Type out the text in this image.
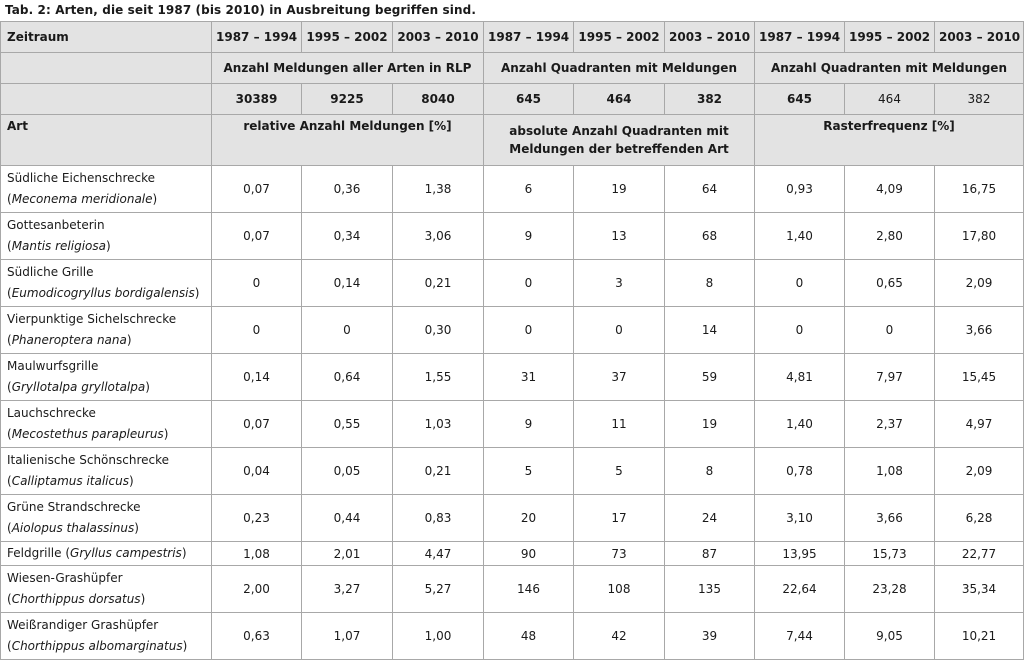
Tab. 2: Arten, die seit 1987 (bis 2010) in Ausbreitung begriffen sind.
Zeitraum	1987 – 1994	1995 – 2002	2003 – 2010	1987 – 1994	1995 – 2002	2003 – 2010	1987 – 1994	1995 – 2002	2003 – 2010
	Anzahl Meldungen aller Arten in RLP			Anzahl Quadranten mit Meldungen			Anzahl Quadranten mit Meldungen		
	30389	9225	8040	645	464	382	645	464	382
Art	relative Anzahl Meldungen [%]			absolute Anzahl Quadranten mit Meldungen der betreffenden Art			Rasterfrequenz [%]		
Südliche Eichenschrecke
(Meconema meridionale)	0,07	0,36	1,38	6	19	64	0,93	4,09	16,75
Gottesanbeterin
(Mantis religiosa)	0,07	0,34	3,06	9	13	68	1,40	2,80	17,80
Südliche Grille
(Eumodicogryllus bordigalensis)	0	0,14	0,21	0	3	8	0	0,65	2,09
Vierpunktige Sichelschrecke
(Phaneroptera nana)	0	0	0,30	0	0	14	0	0	3,66
Maulwurfsgrille
(Gryllotalpa gryllotalpa)	0,14	0,64	1,55	31	37	59	4,81	7,97	15,45
Lauchschrecke
(Mecostethus parapleurus)	0,07	0,55	1,03	9	11	19	1,40	2,37	4,97
Italienische Schönschrecke
(Calliptamus italicus)	0,04	0,05	0,21	5	5	8	0,78	1,08	2,09
Grüne Strandschrecke
(Aiolopus thalassinus)	0,23	0,44	0,83	20	17	24	3,10	3,66	6,28
Feldgrille (Gryllus campestris)	1,08	2,01	4,47	90	73	87	13,95	15,73	22,77
Wiesen-Grashüpfer
(Chorthippus dorsatus)	2,00	3,27	5,27	146	108	135	22,64	23,28	35,34
Weißrandiger Grashüpfer
(Chorthippus albomarginatus)	0,63	1,07	1,00	48	42	39	7,44	9,05	10,21
